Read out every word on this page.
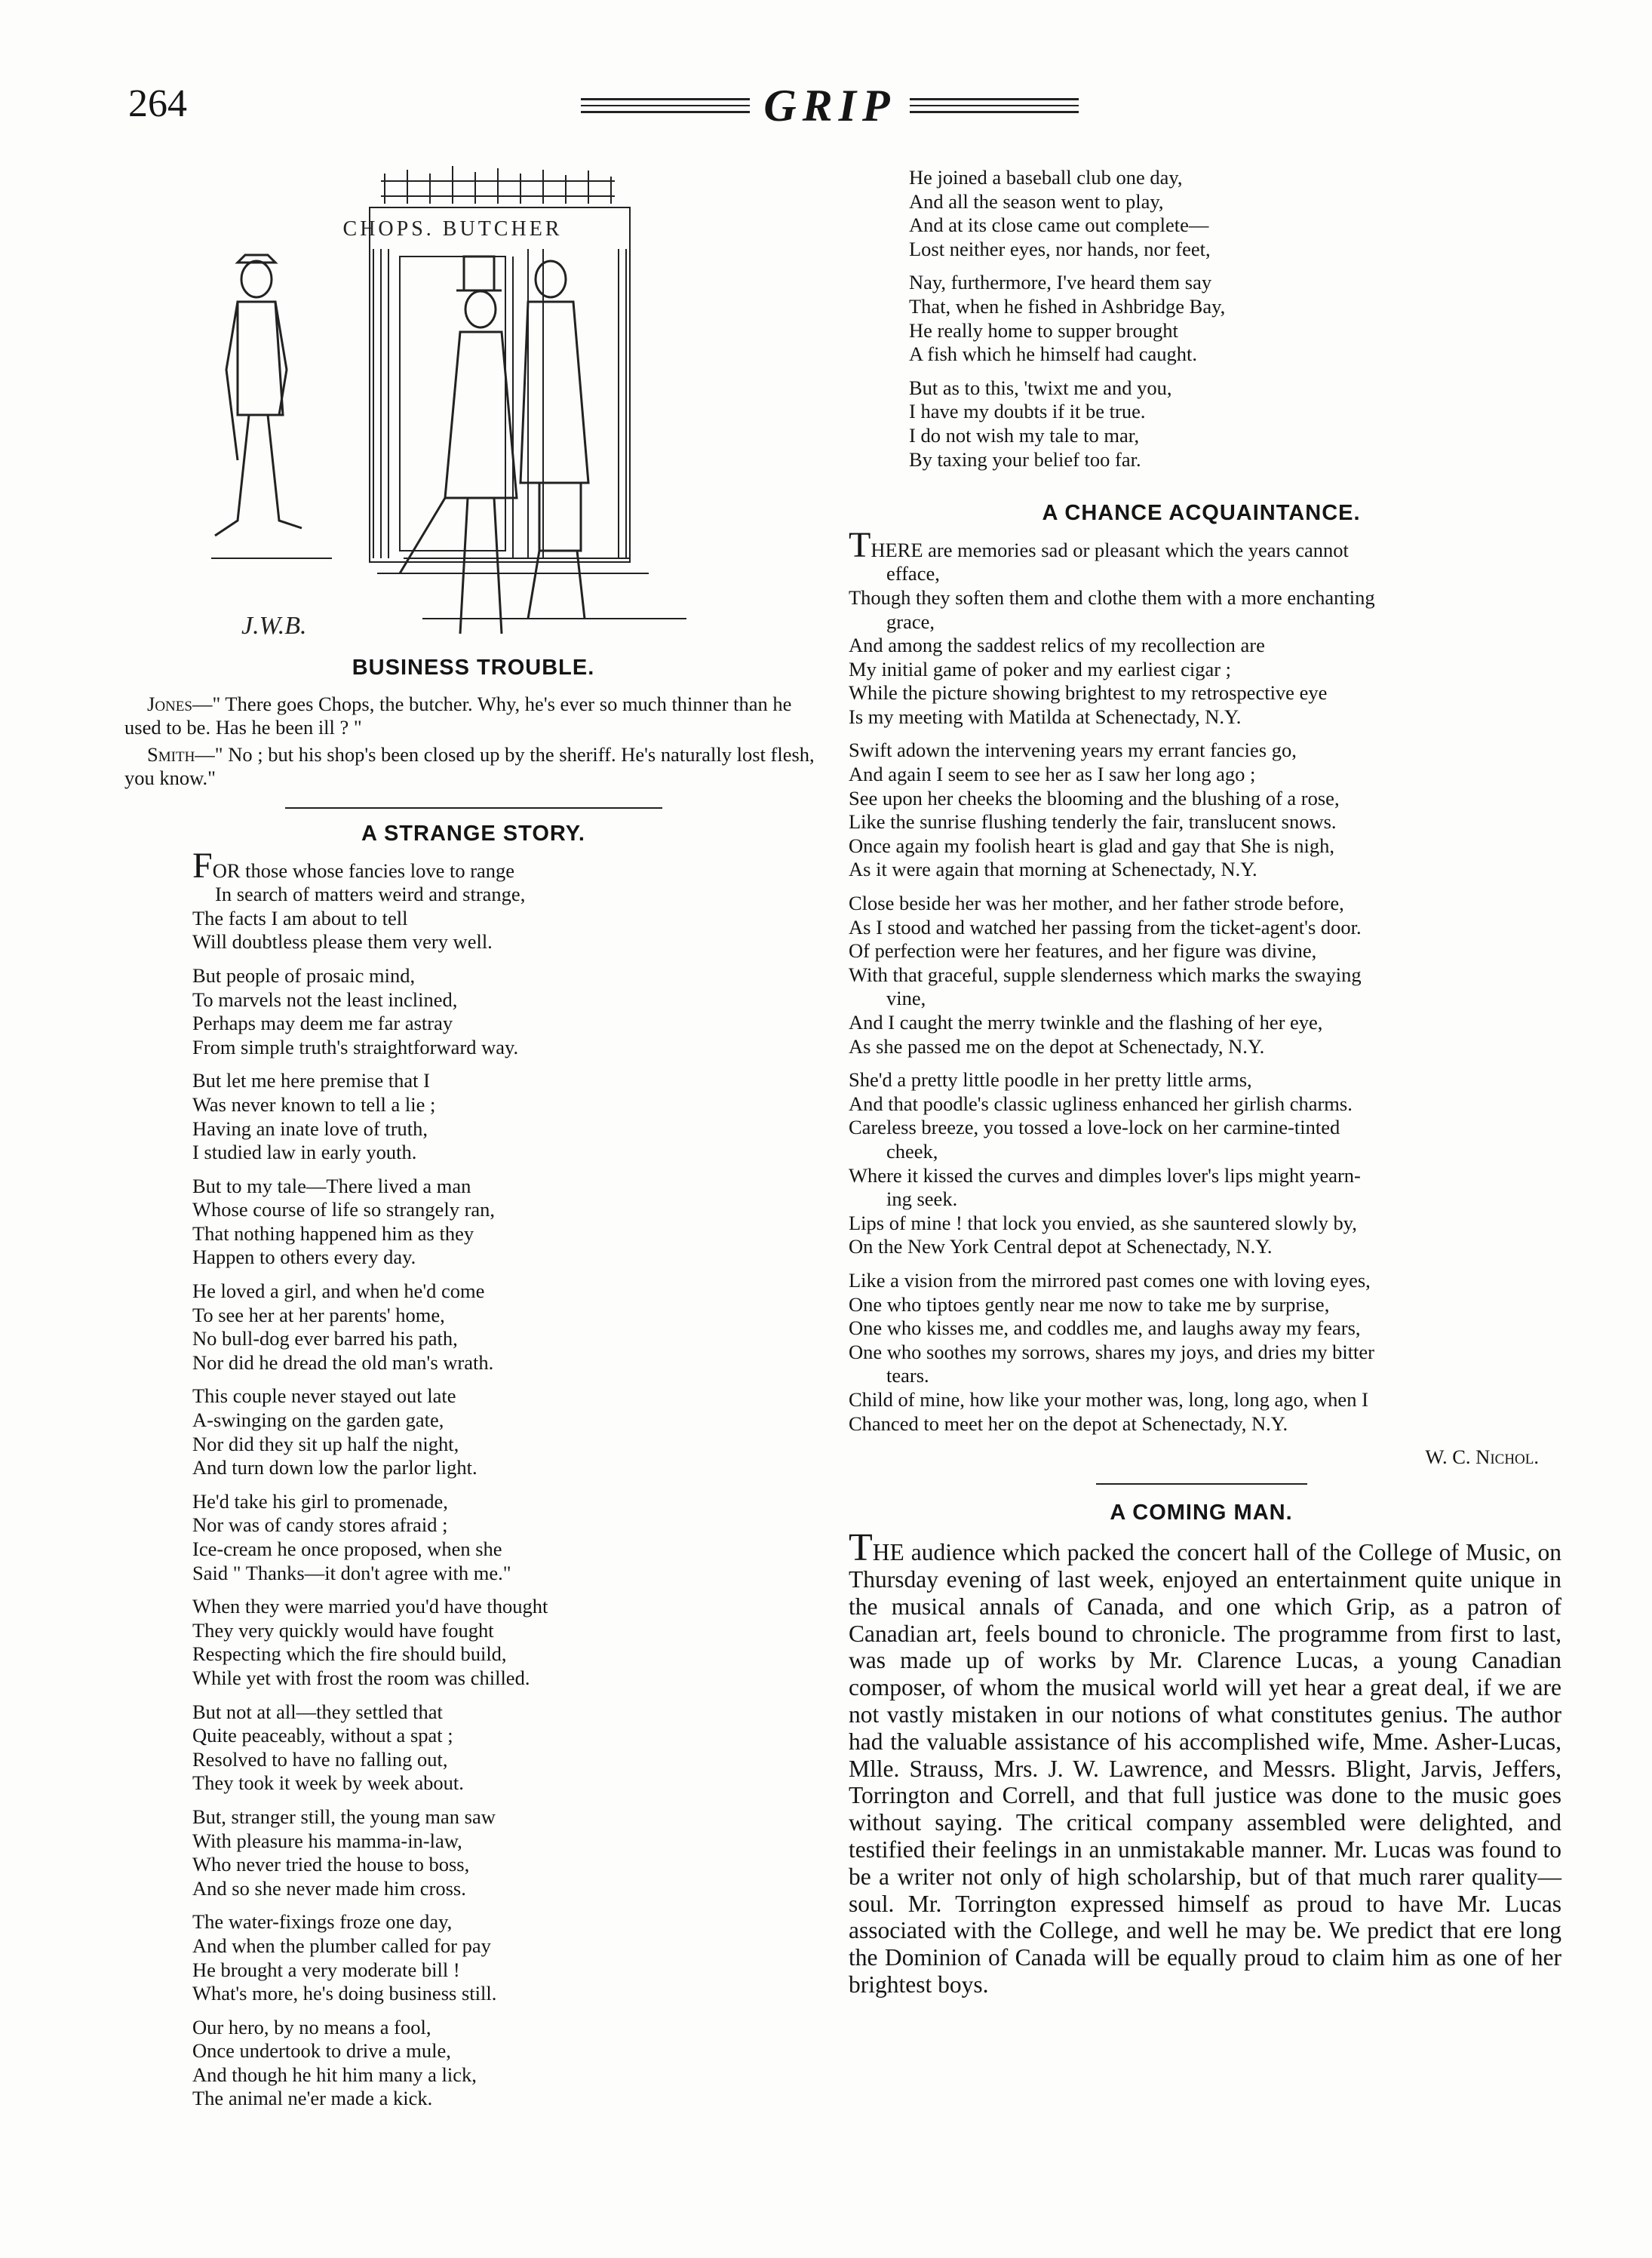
264	GRIP
CHOPS. BUTCHER
J.W.B.
BUSINESS TROUBLE.

Jones—" There goes Chops, the butcher. Why, he's ever so much thinner than he used to be. Has he been ill ? "

Smith—" No ; but his shop's been closed up by the sheriff. He's naturally lost flesh, you know."

A STRANGE STORY.
FOR those whose fancies love to range
In search of matters weird and strange,
The facts I am about to tell
Will doubtless please them very well.
But people of prosaic mind,
To marvels not the least inclined,
Perhaps may deem me far astray
From simple truth's straightforward way.
But let me here premise that I
Was never known to tell a lie ;
Having an inate love of truth,
I studied law in early youth.
But to my tale—There lived a man
Whose course of life so strangely ran,
That nothing happened him as they
Happen to others every day.
He loved a girl, and when he'd come
To see her at her parents' home,
No bull-dog ever barred his path,
Nor did he dread the old man's wrath.
This couple never stayed out late
A-swinging on the garden gate,
Nor did they sit up half the night,
And turn down low the parlor light.
He'd take his girl to promenade,
Nor was of candy stores afraid ;
Ice-cream he once proposed, when she
Said " Thanks—it don't agree with me."
When they were married you'd have thought
They very quickly would have fought
Respecting which the fire should build,
While yet with frost the room was chilled.
But not at all—they settled that
Quite peaceably, without a spat ;
Resolved to have no falling out,
They took it week by week about.
But, stranger still, the young man saw
With pleasure his mamma-in-law,
Who never tried the house to boss,
And so she never made him cross.
The water-fixings froze one day,
And when the plumber called for pay
He brought a very moderate bill !
What's more, he's doing business still.
Our hero, by no means a fool,
Once undertook to drive a mule,
And though he hit him many a lick,
The animal ne'er made a kick.
He joined a baseball club one day,
And all the season went to play,
And at its close came out complete—
Lost neither eyes, nor hands, nor feet,
Nay, furthermore, I've heard them say
That, when he fished in Ashbridge Bay,
He really home to supper brought
A fish which he himself had caught.
But as to this, 'twixt me and you,
I have my doubts if it be true.
I do not wish my tale to mar,
By taxing your belief too far.
A CHANCE ACQUAINTANCE.
THERE are memories sad or pleasant which the years cannot
efface,
Though they soften them and clothe them with a more enchanting
grace,
And among the saddest relics of my recollection are
My initial game of poker and my earliest cigar ;
While the picture showing brightest to my retrospective eye
Is my meeting with Matilda at Schenectady, N.Y.
Swift adown the intervening years my errant fancies go,
And again I seem to see her as I saw her long ago ;
See upon her cheeks the blooming and the blushing of a rose,
Like the sunrise flushing tenderly the fair, translucent snows.
Once again my foolish heart is glad and gay that She is nigh,
As it were again that morning at Schenectady, N.Y.
Close beside her was her mother, and her father strode before,
As I stood and watched her passing from the ticket-agent's door.
Of perfection were her features, and her figure was divine,
With that graceful, supple slenderness which marks the swaying
vine,
And I caught the merry twinkle and the flashing of her eye,
As she passed me on the depot at Schenectady, N.Y.
She'd a pretty little poodle in her pretty little arms,
And that poodle's classic ugliness enhanced her girlish charms.
Careless breeze, you tossed a love-lock on her carmine-tinted
cheek,
Where it kissed the curves and dimples lover's lips might yearn-
ing seek.
Lips of mine ! that lock you envied, as she sauntered slowly by,
On the New York Central depot at Schenectady, N.Y.
Like a vision from the mirrored past comes one with loving eyes,
One who tiptoes gently near me now to take me by surprise,
One who kisses me, and coddles me, and laughs away my fears,
One who soothes my sorrows, shares my joys, and dries my bitter
tears.
Child of mine, how like your mother was, long, long ago, when I
Chanced to meet her on the depot at Schenectady, N.Y.
W. C. Nichol.
A COMING MAN.
THE audience which packed the concert hall of the College of Music, on Thursday evening of last week, enjoyed an entertainment quite unique in the musical annals of Canada, and one which Grip, as a patron of Canadian art, feels bound to chronicle. The programme from first to last, was made up of works by Mr. Clarence Lucas, a young Canadian composer, of whom the musical world will yet hear a great deal, if we are not vastly mistaken in our notions of what constitutes genius. The author had the valuable assistance of his accomplished wife, Mme. Asher-Lucas, Mlle. Strauss, Mrs. J. W. Lawrence, and Messrs. Blight, Jarvis, Jeffers, Torrington and Correll, and that full justice was done to the music goes without saying. The critical company assembled were delighted, and testified their feelings in an unmistakable manner. Mr. Lucas was found to be a writer not only of high scholarship, but of that much rarer quality—soul. Mr. Torrington expressed himself as proud to have Mr. Lucas associated with the College, and well he may be. We predict that ere long the Dominion of Canada will be equally proud to claim him as one of her brightest boys.
